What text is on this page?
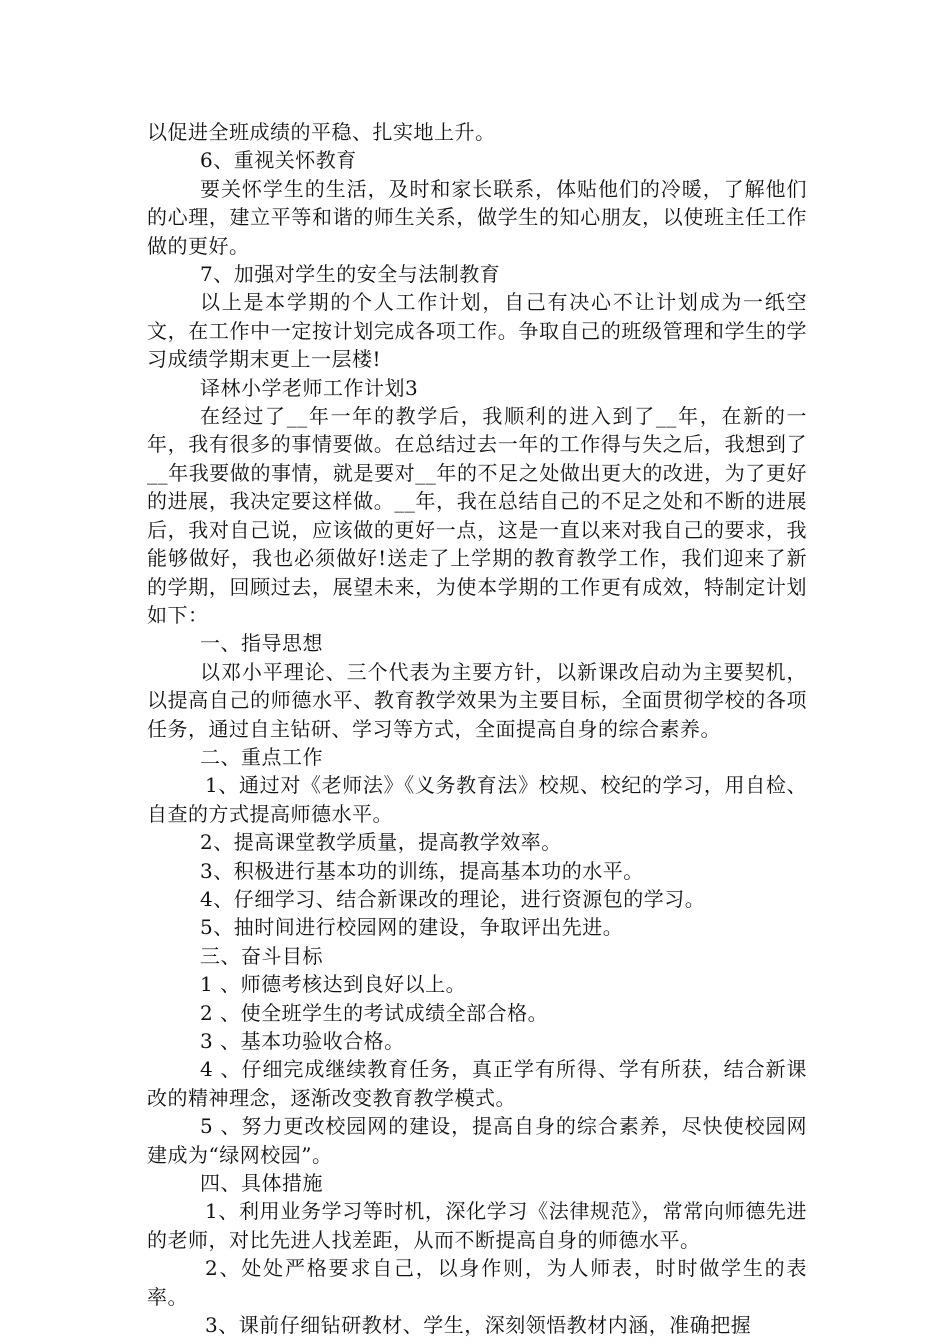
以促进全班成绩的平稳、扎实地上升。

6、重视关怀教育

要关怀学生的生活，及时和家长联系，体贴他们的冷暖，了解他们的心理，建立平等和谐的师生关系，做学生的知心朋友，以使班主任工作做的更好。

7、加强对学生的安全与法制教育

以上是本学期的个人工作计划，自己有决心不让计划成为一纸空文，在工作中一定按计划完成各项工作。争取自己的班级管理和学生的学习成绩学期末更上一层楼!

译林小学老师工作计划3

在经过了__年一年的教学后，我顺利的进入到了__年，在新的一年，我有很多的事情要做。在总结过去一年的工作得与失之后，我想到了__年我要做的事情，就是要对__年的不足之处做出更大的改进，为了更好的进展，我决定要这样做。__年，我在总结自己的不足之处和不断的进展后，我对自己说，应该做的更好一点，这是一直以来对我自己的要求，我能够做好，我也必须做好!送走了上学期的教育教学工作，我们迎来了新的学期，回顾过去，展望未来，为使本学期的工作更有成效，特制定计划如下：

一、指导思想

以邓小平理论、三个代表为主要方针，以新课改启动为主要契机，以提高自己的师德水平、教育教学效果为主要目标，全面贯彻学校的各项任务，通过自主钻研、学习等方式，全面提高自身的综合素养。

二、重点工作

1、通过对《老师法》《义务教育法》校规、校纪的学习，用自检、自查的方式提高师德水平。

2、提高课堂教学质量，提高教学效率。

3、积极进行基本功的训练，提高基本功的水平。

4、仔细学习、结合新课改的理论，进行资源包的学习。

5、抽时间进行校园网的建设，争取评出先进。

三、奋斗目标

1 、师德考核达到良好以上。

2 、使全班学生的考试成绩全部合格。

3 、基本功验收合格。

4 、仔细完成继续教育任务，真正学有所得、学有所获，结合新课改的精神理念，逐渐改变教育教学模式。

5 、努力更改校园网的建设，提高自身的综合素养，尽快使校园网建成为“绿网校园”。

四、具体措施

1、利用业务学习等时机，深化学习《法律规范》，常常向师德先进的老师，对比先进人找差距，从而不断提高自身的师德水平。

2、处处严格要求自己，以身作则，为人师表，时时做学生的表率。

3、课前仔细钻研教材、学生，深刻领悟教材内涵，准确把握
